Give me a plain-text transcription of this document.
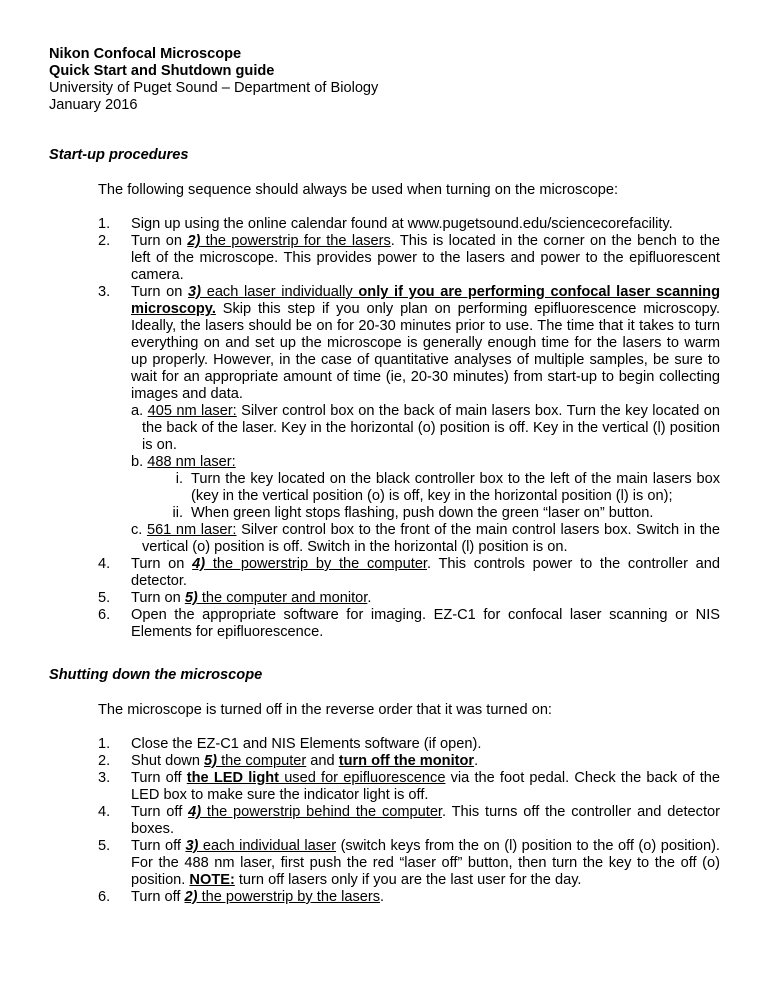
Nikon Confocal Microscope
Quick Start and Shutdown guide
University of Puget Sound – Department of Biology
January 2016
Start-up procedures
The following sequence should always be used when turning on the microscope:
1. Sign up using the online calendar found at www.pugetsound.edu/sciencecorefacility.
2. Turn on 2) the powerstrip for the lasers. This is located in the corner on the bench to the left of the microscope. This provides power to the lasers and power to the epifluorescent camera.
3. Turn on 3) each laser individually only if you are performing confocal laser scanning microscopy. Skip this step if you only plan on performing epifluorescence microscopy. Ideally, the lasers should be on for 20-30 minutes prior to use. The time that it takes to turn everything on and set up the microscope is generally enough time for the lasers to warm up properly. However, in the case of quantitative analyses of multiple samples, be sure to wait for an appropriate amount of time (ie, 20-30 minutes) from start-up to begin collecting images and data.
a. 405 nm laser: Silver control box on the back of main lasers box. Turn the key located on the back of the laser. Key in the horizontal (o) position is off. Key in the vertical (l) position is on.
b. 488 nm laser:
i. Turn the key located on the black controller box to the left of the main lasers box (key in the vertical position (o) is off, key in the horizontal position (l) is on);
ii. When green light stops flashing, push down the green “laser on” button.
c. 561 nm laser: Silver control box to the front of the main control lasers box. Switch in the vertical (o) position is off. Switch in the horizontal (l) position is on.
4. Turn on 4) the powerstrip by the computer. This controls power to the controller and detector.
5. Turn on 5) the computer and monitor.
6. Open the appropriate software for imaging. EZ-C1 for confocal laser scanning or NIS Elements for epifluorescence.
Shutting down the microscope
The microscope is turned off in the reverse order that it was turned on:
1. Close the EZ-C1 and NIS Elements software (if open).
2. Shut down 5) the computer and turn off the monitor.
3. Turn off the LED light used for epifluorescence via the foot pedal. Check the back of the LED box to make sure the indicator light is off.
4. Turn off 4) the powerstrip behind the computer. This turns off the controller and detector boxes.
5. Turn off 3) each individual laser (switch keys from the on (l) position to the off (o) position). For the 488 nm laser, first push the red “laser off” button, then turn the key to the off (o) position. NOTE: turn off lasers only if you are the last user for the day.
6. Turn off 2) the powerstrip by the lasers.
